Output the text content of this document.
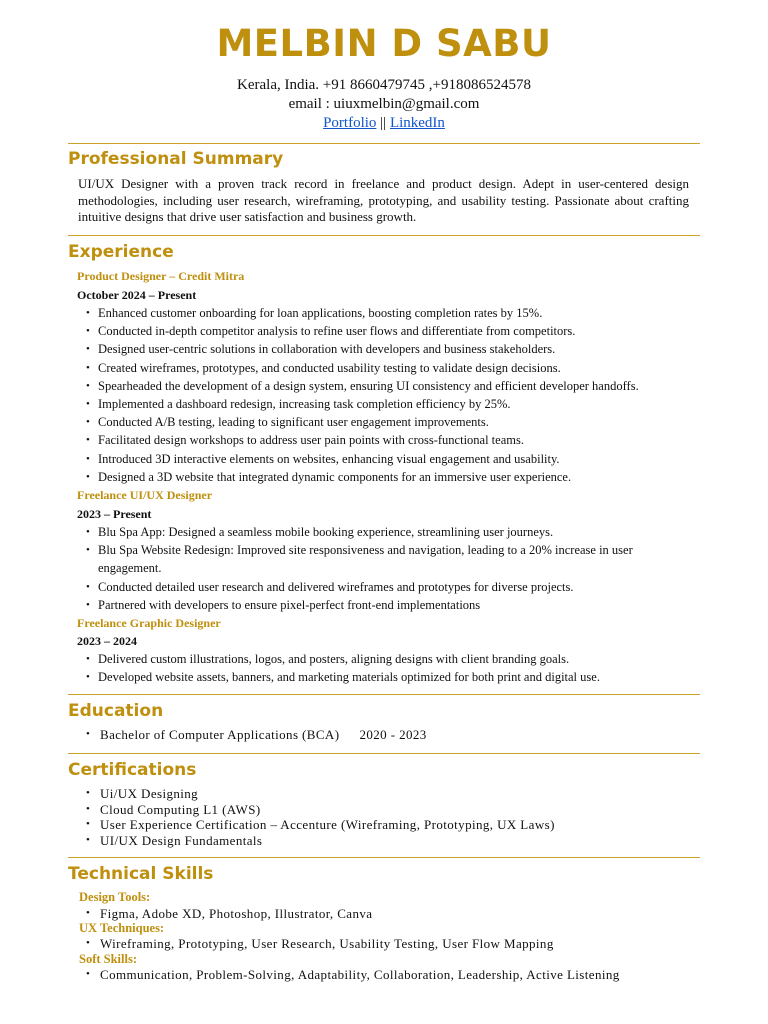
MELBIN D SABU
Kerala, India. +91 8660479745 ,+918086524578
email : uiuxmelbin@gmail.com
Portfolio || LinkedIn
Professional Summary
UI/UX Designer with a proven track record in freelance and product design. Adept in user-centered design methodologies, including user research, wireframing, prototyping, and usability testing. Passionate about crafting intuitive designs that drive user satisfaction and business growth.
Experience
Product Designer – Credit Mitra
October 2024 – Present
• Enhanced customer onboarding for loan applications, boosting completion rates by 15%.
• Conducted in-depth competitor analysis to refine user flows and differentiate from competitors.
• Designed user-centric solutions in collaboration with developers and business stakeholders.
• Created wireframes, prototypes, and conducted usability testing to validate design decisions.
• Spearheaded the development of a design system, ensuring UI consistency and efficient developer handoffs.
• Implemented a dashboard redesign, increasing task completion efficiency by 25%.
• Conducted A/B testing, leading to significant user engagement improvements.
• Facilitated design workshops to address user pain points with cross-functional teams.
• Introduced 3D interactive elements on websites, enhancing visual engagement and usability.
• Designed a 3D website that integrated dynamic components for an immersive user experience.
Freelance UI/UX Designer
2023 – Present
• Blu Spa App: Designed a seamless mobile booking experience, streamlining user journeys.
• Blu Spa Website Redesign: Improved site responsiveness and navigation, leading to a 20% increase in user engagement.
• Conducted detailed user research and delivered wireframes and prototypes for diverse projects.
• Partnered with developers to ensure pixel-perfect front-end implementations
Freelance Graphic Designer
2023 – 2024
• Delivered custom illustrations, logos, and posters, aligning designs with client branding goals.
• Developed website assets, banners, and marketing materials optimized for both print and digital use.
Education
• Bachelor of Computer Applications (BCA) 2020 - 2023
Certifications
• Ui/UX Designing
• Cloud Computing L1 (AWS)
• User Experience Certification – Accenture (Wireframing, Prototyping, UX Laws)
• UI/UX Design Fundamentals
Technical Skills
Design Tools:
• Figma, Adobe XD, Photoshop, Illustrator, Canva
UX Techniques:
• Wireframing, Prototyping, User Research, Usability Testing, User Flow Mapping
Soft Skills:
• Communication, Problem-Solving, Adaptability, Collaboration, Leadership, Active Listening
